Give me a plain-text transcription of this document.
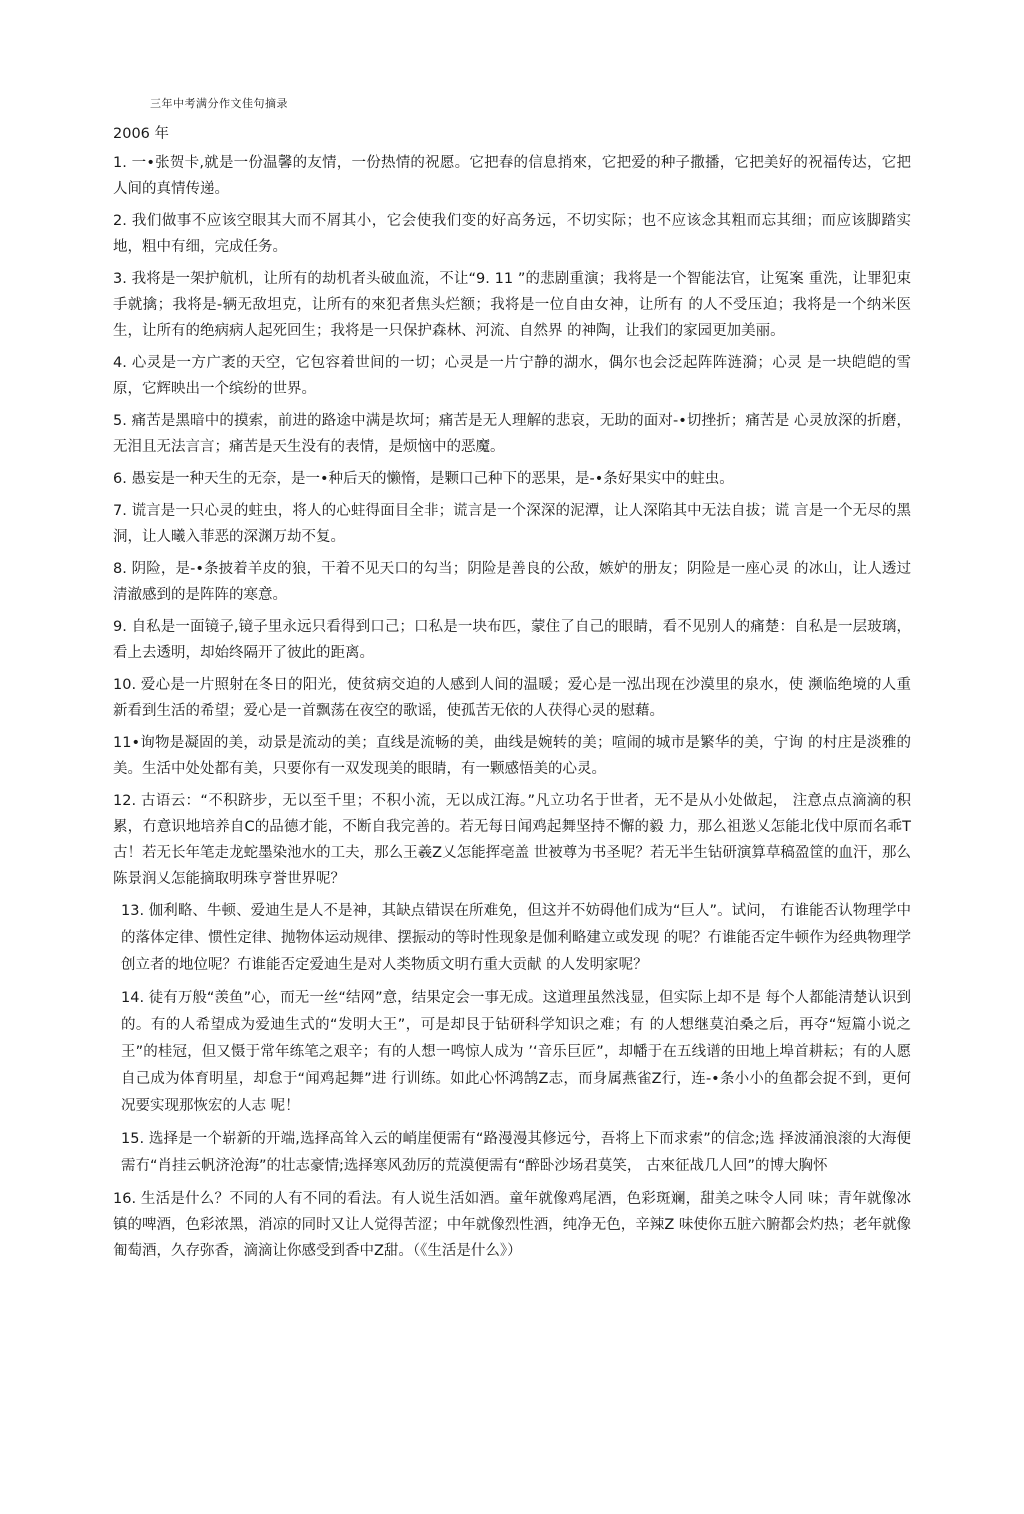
三年中考满分作文佳句摘录
2006 年

1. 一•张贺卡,就是一份温馨的友情，一份热情的祝愿。它把春的信息捎來，它把爱的种子撒播，它把美好的祝福传达，它把人间的真情传递。

2. 我们做事不应该空眼其大而不屑其小，它会使我们变的好高务远，不切实际；也不应该念其粗而忘其细；而应该脚踏实地，粗中有细，完成任务。

3. 我将是一架护航机，让所有的劫机者头破血流，不让“9. 11 ”的悲剧重演；我将是一个智能法官，让冤案 重洗，让罪犯束手就擒；我将是-辆无敌坦克，让所有的來犯者焦头烂额；我将是一位自由女神，让所有 的人不受压迫；我将是一个纳米医生，让所有的绝病病人起死回生；我将是一只保护森林、河流、自然界 的神陶，让我们的家园更加美丽。

4. 心灵是一方广袤的天空，它包容着世间的一切；心灵是一片宁静的湖水，偶尔也会泛起阵阵涟漪；心灵 是一块皑皑的雪原，它辉映出一个缤纷的世界。

5. 痛苦是黑暗中的摸索，前进的路途中满是坎坷；痛苦是无人理解的悲哀，无助的面对-•切挫折；痛苦是 心灵放深的折磨，无泪且无法言言；痛苦是天生没有的表情，是烦恼中的恶魔。

6. 愚妄是一种天生的无奈，是一•种后天的懒惰，是颗口己种下的恶果，是-•条好果实中的蛀虫。

7. 谎言是一只心灵的蛀虫，将人的心蛀得面目全非；谎言是一个深深的泥潭，让人深陷其中无法自拔；谎 言是一个无尽的黑洞，让人曦入菲恶的深渊万劫不复。

8. 阴险，是-•条披着羊皮的狼，干着不见天口的勾当；阴险是善良的公敌，嫉妒的册友；阴险是一座心灵 的冰山，让人透过清澈感到的是阵阵的寒意。

9. 自私是一面镜子,镜子里永远只看得到口己；口私是一块布匹，蒙住了自己的眼睛，看不见别人的痛楚：自私是一层玻璃，看上去透明，却始终隔开了彼此的距离。

10. 爱心是一片照射在冬日的阳光，使贫病交迫的人感到人间的温暖；爱心是一泓出现在沙漠里的泉水，使 濒临绝境的人重新看到生活的希望；爱心是一首飘荡在夜空的歌谣，使孤苦无依的人茯得心灵的慰藉。

11•询物是凝固的美，动景是流动的美；直线是流畅的美，曲线是婉转的美；喧闹的城市是繁华的美，宁询 的村庄是淡雅的美。生活中处处都有美，只要你有一双发现美的眼睛，有一颗感悟美的心灵。

12. 古语云：“不积跻步，无以至千里；不积小流，无以成江海。”凡立功名于世者，无不是从小处做起， 注意点点滴滴的积累，冇意识地培养自C的品德才能，不断自我完善的。若无每日闻鸡起舞坚持不懈的毅 力，那么祖逖乂怎能北伐中原而名乖T古！若无长年笔走龙蛇墨染池水的工夫，那么王羲Z乂怎能挥亳盖 世被尊为书圣呢？若无半生钻研演算草稿盈筐的血汗，那么陈景润乂怎能摘取明珠亨誉世界呢？

13. 伽利略、牛顿、爱迪生是人不是神，其缺点错误在所难免，但这并不妨碍他们成为“巨人”。试问， 冇谁能否认物理学中的落体定律、惯性定律、抛物体运动规律、摆振动的等时性现象是伽利略建立或发现 的呢？冇谁能否定牛顿作为经典物理学创立者的地位呢？冇谁能否定爱迪生是对人类物质文明冇重大贡献 的人发明家呢？

14. 徒有万般“羡鱼”心，而无一丝“结网”意，结果定会一事无成。这道理虽然浅显，但实际上却不是 每个人都能清楚认识到的。有的人希望成为爱迪生式的“发明大王”，可是却艮于钻研科学知识之难；有 的人想继莫泊桑之后，再夺“短篇小说之王”的桂冠，但又慑于常年练笔之艰辛；有的人想一鸣惊人成为 ’‘音乐巨匠”，却幡于在五线谱的田地上埠首耕耘；有的人愿自己成为体育明星，却怠于“闻鸡起舞”进 行训练。如此心怀鸿鹄Z志，而身属燕雀Z行，连-•条小小的鱼都会捉不到，更何况要实现那恢宏的人志 呢！

15. 选择是一个崭新的开端,选择高耸入云的峭崖便需有“路漫漫其修远兮，吾将上下而求索”的信念;选 择波涌浪滚的大海便需冇“肖挂云帆济沧海”的壮志豪情;选择寒风劲厉的荒漠便需有“醉卧沙场君莫笑， 古來征战几人回”的博大胸怀

16. 生活是什么？不同的人有不同的看法。有人说生活如酒。童年就像鸡尾酒，色彩斑斓，甜美之味令人同 味；青年就像冰镇的啤酒，色彩浓黑，消凉的同时又让人觉得苦涩；中年就像烈性酒，纯净无色，辛辣Z 味使你五脏六腑都会灼热；老年就像匍萄酒，久存弥香，滴滴让你感受到香中Z甜。（《生活是什么》）
